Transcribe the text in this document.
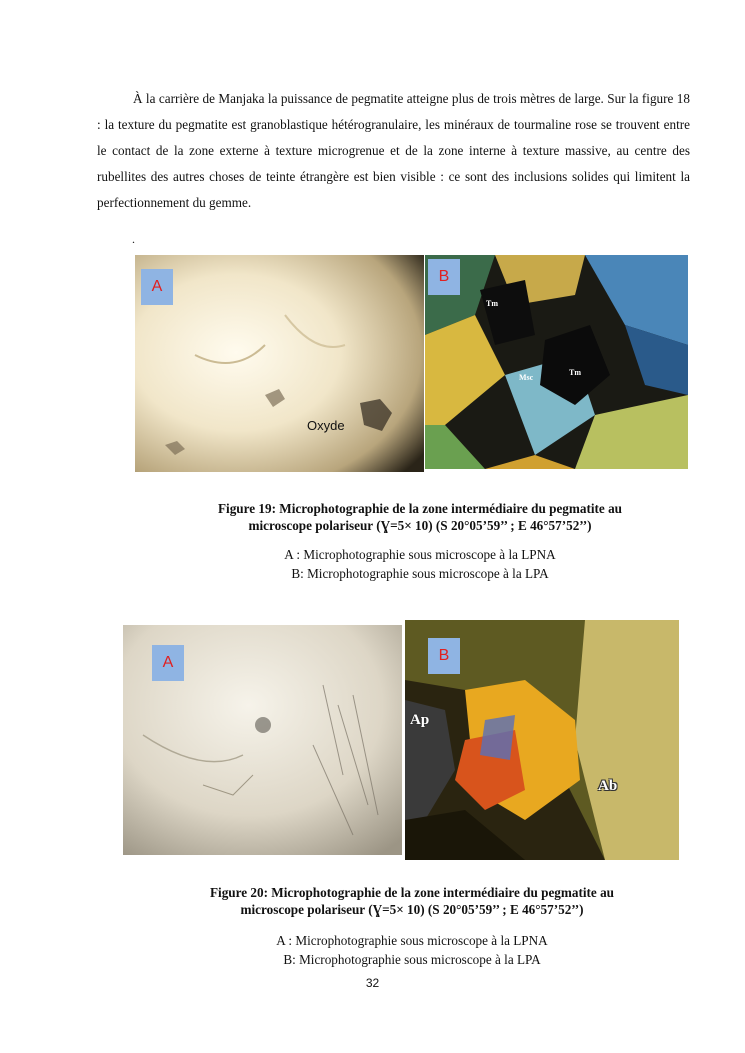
À la carrière de Manjaka la puissance de pegmatite atteigne plus de trois mètres de large. Sur la figure 18 : la texture du pegmatite est granoblastique hétérogranulaire, les minéraux de tourmaline rose se trouvent entre le contact de la zone externe à texture microgrenue et de la zone interne à texture massive, au centre des rubellites des autres choses de teinte étrangère est bien visible : ce sont des inclusions solides qui limitent la perfectionnement du gemme.

.
A
Oxyde
B
Tm
Tm
Msc
Figure 19: Microphotographie de la zone intermédiaire du pegmatite au
microscope polariseur (Ɣ=5× 10) (S 20°05’59’’ ; E 46°57’52’’)
A : Microphotographie sous microscope à la LPNA
B: Microphotographie sous microscope à la LPA
A	B
Ap
Ab
Figure 20: Microphotographie de la zone intermédiaire du pegmatite au
microscope polariseur (Ɣ=5× 10) (S 20°05’59’’ ; E 46°57’52’’)
A : Microphotographie sous microscope à la LPNA
B: Microphotographie sous microscope à la LPA
32
